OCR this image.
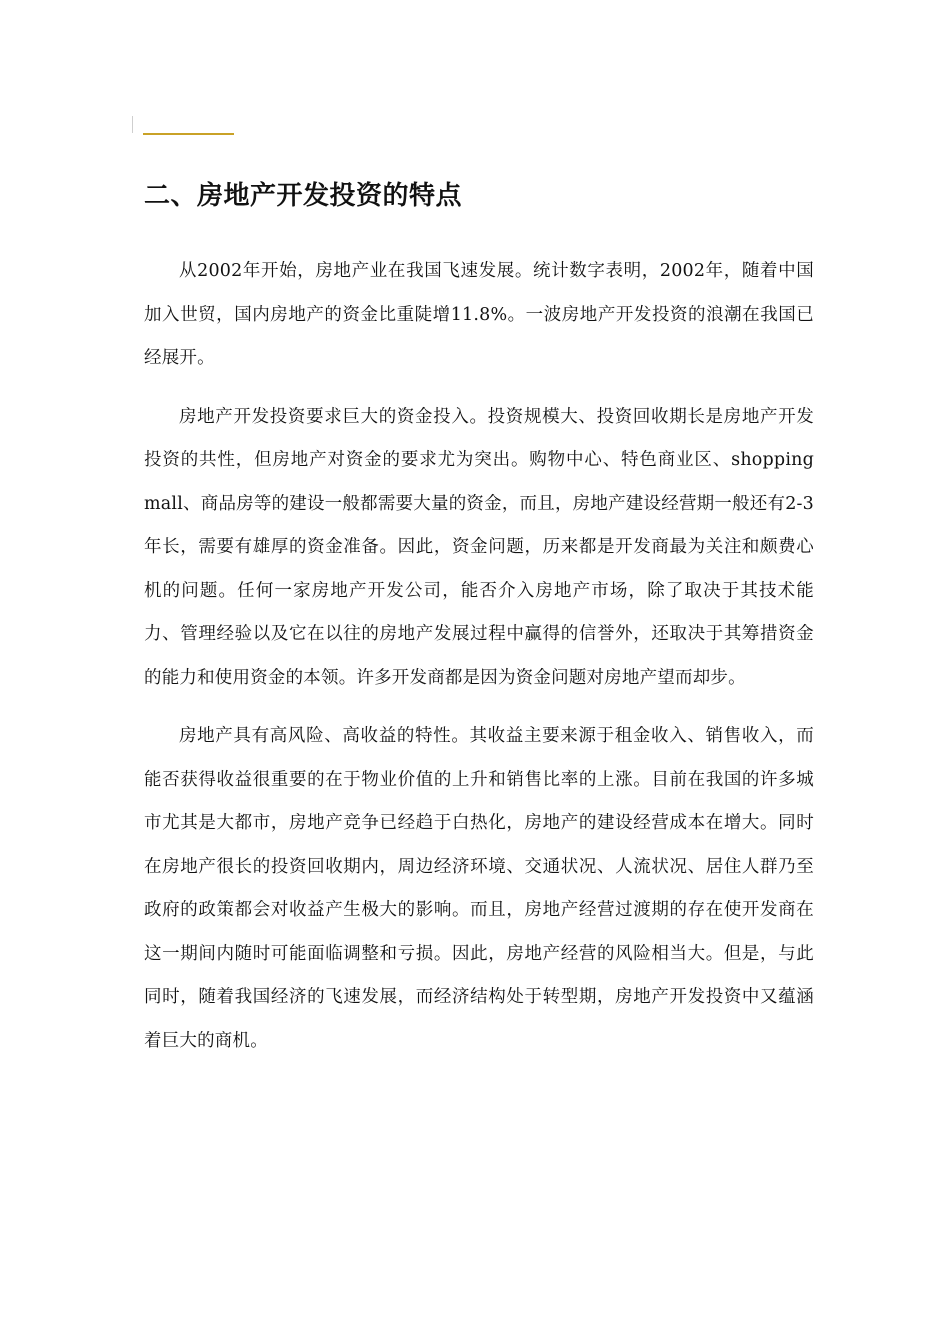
二、房地产开发投资的特点

从2002年开始，房地产业在我国飞速发展。统计数字表明，2002年，随着中国加入世贸，国内房地产的资金比重陡增11.8%。一波房地产开发投资的浪潮在我国已经展开。

房地产开发投资要求巨大的资金投入。投资规模大、投资回收期长是房地产开发投资的共性，但房地产对资金的要求尤为突出。购物中心、特色商业区、shopping mall、商品房等的建设一般都需要大量的资金，而且，房地产建设经营期一般还有2-3年长，需要有雄厚的资金准备。因此，资金问题，历来都是开发商最为关注和颇费心机的问题。任何一家房地产开发公司，能否介入房地产市场，除了取决于其技术能力、管理经验以及它在以往的房地产发展过程中赢得的信誉外，还取决于其筹措资金的能力和使用资金的本领。许多开发商都是因为资金问题对房地产望而却步。

房地产具有高风险、高收益的特性。其收益主要来源于租金收入、销售收入，而能否获得收益很重要的在于物业价值的上升和销售比率的上涨。目前在我国的许多城市尤其是大都市，房地产竞争已经趋于白热化，房地产的建设经营成本在增大。同时在房地产很长的投资回收期内，周边经济环境、交通状况、人流状况、居住人群乃至政府的政策都会对收益产生极大的影响。而且，房地产经营过渡期的存在使开发商在这一期间内随时可能面临调整和亏损。因此，房地产经营的风险相当大。但是，与此同时，随着我国经济的飞速发展，而经济结构处于转型期，房地产开发投资中又蕴涵着巨大的商机。
